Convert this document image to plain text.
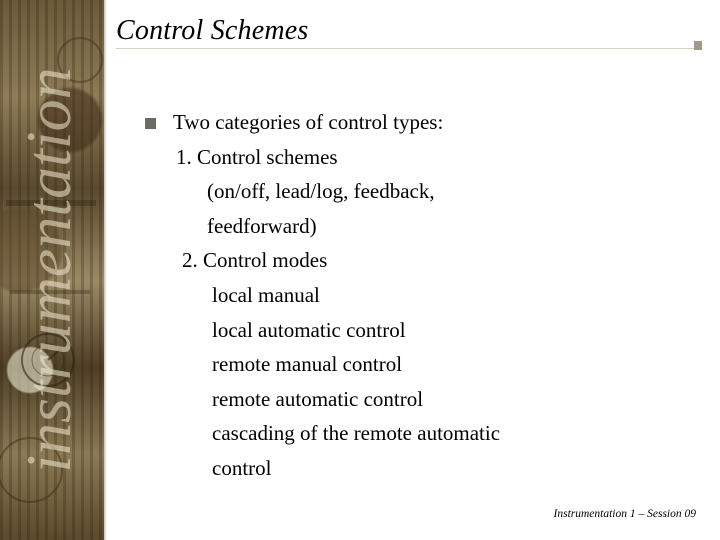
instrumentation
Control Schemes
Two categories of control types:
1. Control schemes
(on/off, lead/log, feedback,
feedforward)
2. Control modes
local manual
local automatic control
remote manual control
remote automatic control
cascading of the remote automatic
control
Instrumentation 1 – Session 09
